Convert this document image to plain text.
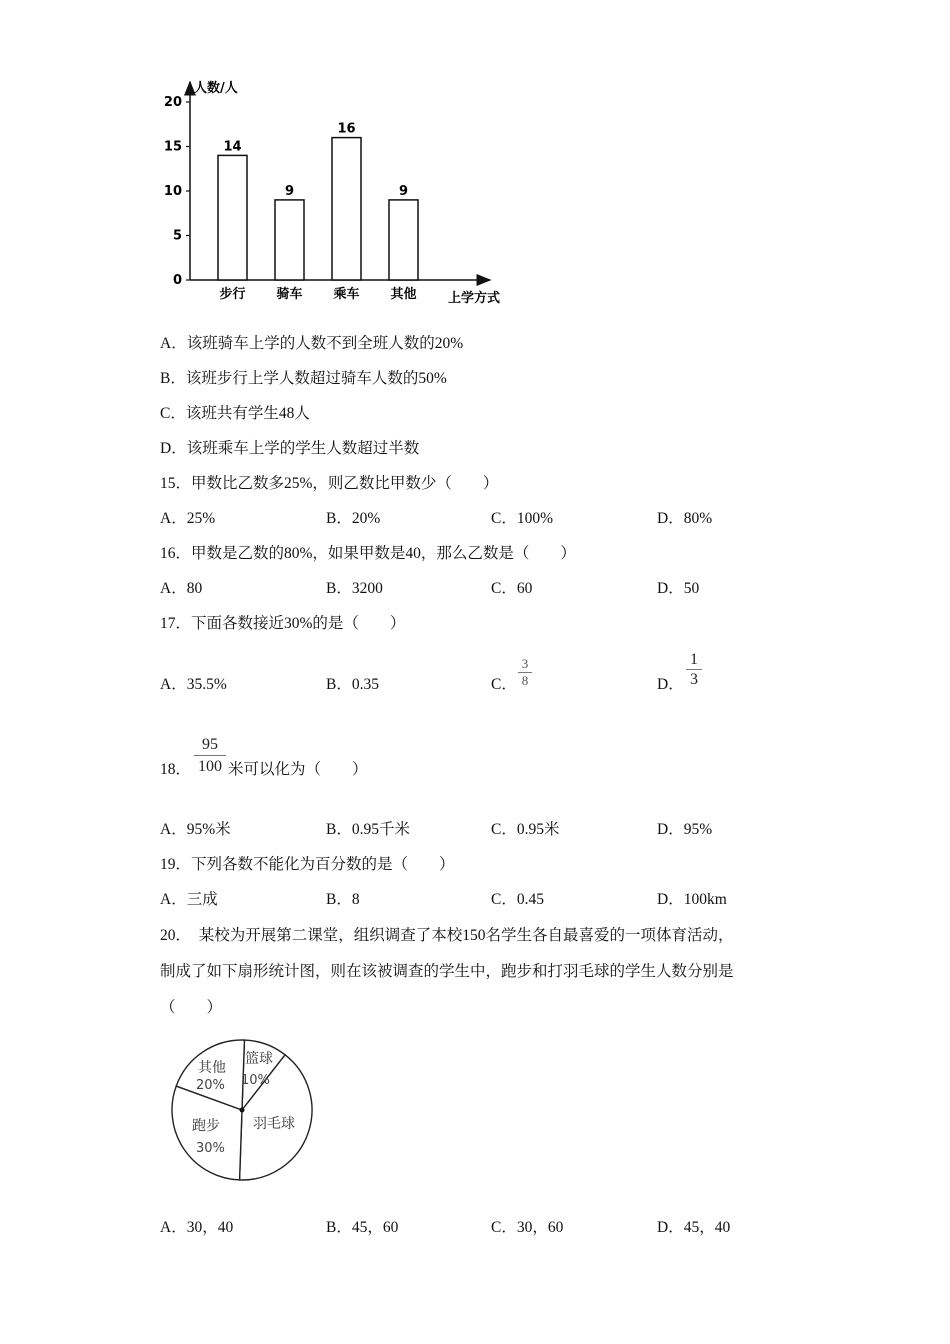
人数/人
上学方式
0
5
10
15
20
14
步行
9
骑车
16
乘车
9
其他
A．该班骑车上学的人数不到全班人数的20%
B．该班步行上学人数超过骑车人数的50%
C．该班共有学生48人
D．该班乘车上学的学生人数超过半数
15．甲数比乙数多25%，则乙数比甲数少（　　）
A．25%	B．20%	C．100%	D．80%
16．甲数是乙数的80%，如果甲数是40，那么乙数是（　　）
A．80	B．3200	C．60	D．50
17．下面各数接近30%的是（　　）
A．35.5%	B．0.35	C． $\frac{3}{8}$	D． $\frac{1}{3}$
18． $\frac{95}{100}$ 米可以化为（　　）
A．95%米	B．0.95千米	C．0.95米	D．95%
19．下列各数不能化为百分数的是（　　）
A．三成	B．8	C．0.45	D．100km
20．　某校为开展第二课堂，组织调查了本校150名学生各自最喜爱的一项体育活动，
制成了如下扇形统计图，则在该被调查的学生中，跑步和打羽毛球的学生人数分别是
（　　）
其他
20%
篮球
10%
羽毛球
跑步
30%
A．30，40	B．45，60	C．30，60	D．45，40
